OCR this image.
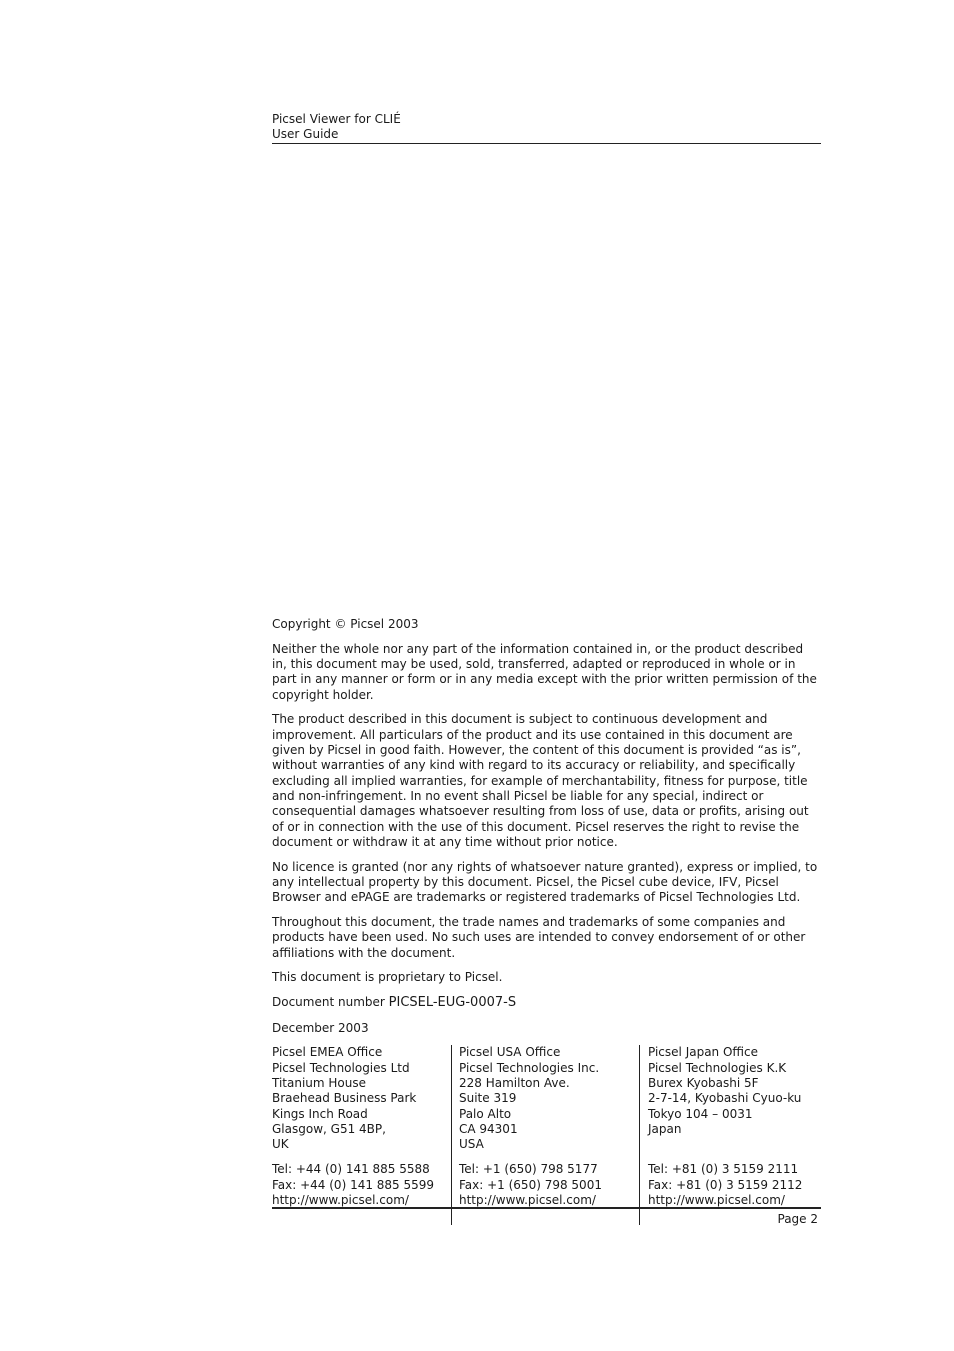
Picsel Viewer for CLIÉ
User Guide

Copyright © Picsel 2003

Neither the whole nor any part of the information contained in, or the product described in, this document may be used, sold, transferred, adapted or reproduced in whole or in part in any manner or form or in any media except with the prior written permission of the copyright holder.

The product described in this document is subject to continuous development and improvement. All particulars of the product and its use contained in this document are given by Picsel in good faith. However, the content of this document is provided “as is”, without warranties of any kind with regard to its accuracy or reliability, and specifically excluding all implied warranties, for example of merchantability, fitness for purpose, title and non-infringement. In no event shall Picsel be liable for any special, indirect or consequential damages whatsoever resulting from loss of use, data or profits, arising out of or in connection with the use of this document. Picsel reserves the right to revise the document or withdraw it at any time without prior notice.

No licence is granted (nor any rights of whatsoever nature granted), express or implied, to any intellectual property by this document. Picsel, the Picsel cube device, IFV, Picsel Browser and ePAGE are trademarks or registered trademarks of Picsel Technologies Ltd.

Throughout this document, the trade names and trademarks of some companies and products have been used. No such uses are intended to convey endorsement of or other affiliations with the document.

This document is proprietary to Picsel.

Document number PICSEL-EUG-0007-S

December 2003

Picsel EMEA Office
Picsel Technologies Ltd
Titanium House
Braehead Business Park
Kings Inch Road
Glasgow, G51 4BP,
UK
Tel: +44 (0) 141 885 5588
Fax: +44 (0) 141 885 5599
http://www.picsel.com/
Picsel USA Office
Picsel Technologies Inc.
228 Hamilton Ave.
Suite 319
Palo Alto
CA 94301
USA
Tel: +1 (650) 798 5177
Fax: +1 (650) 798 5001
http://www.picsel.com/
Picsel Japan Office
Picsel Technologies K.K
Burex Kyobashi 5F
2-7-14, Kyobashi Cyuo-ku
Tokyo 104 – 0031
Japan
Tel: +81 (0) 3 5159 2111
Fax: +81 (0) 3 5159 2112
http://www.picsel.com/
Page 2
